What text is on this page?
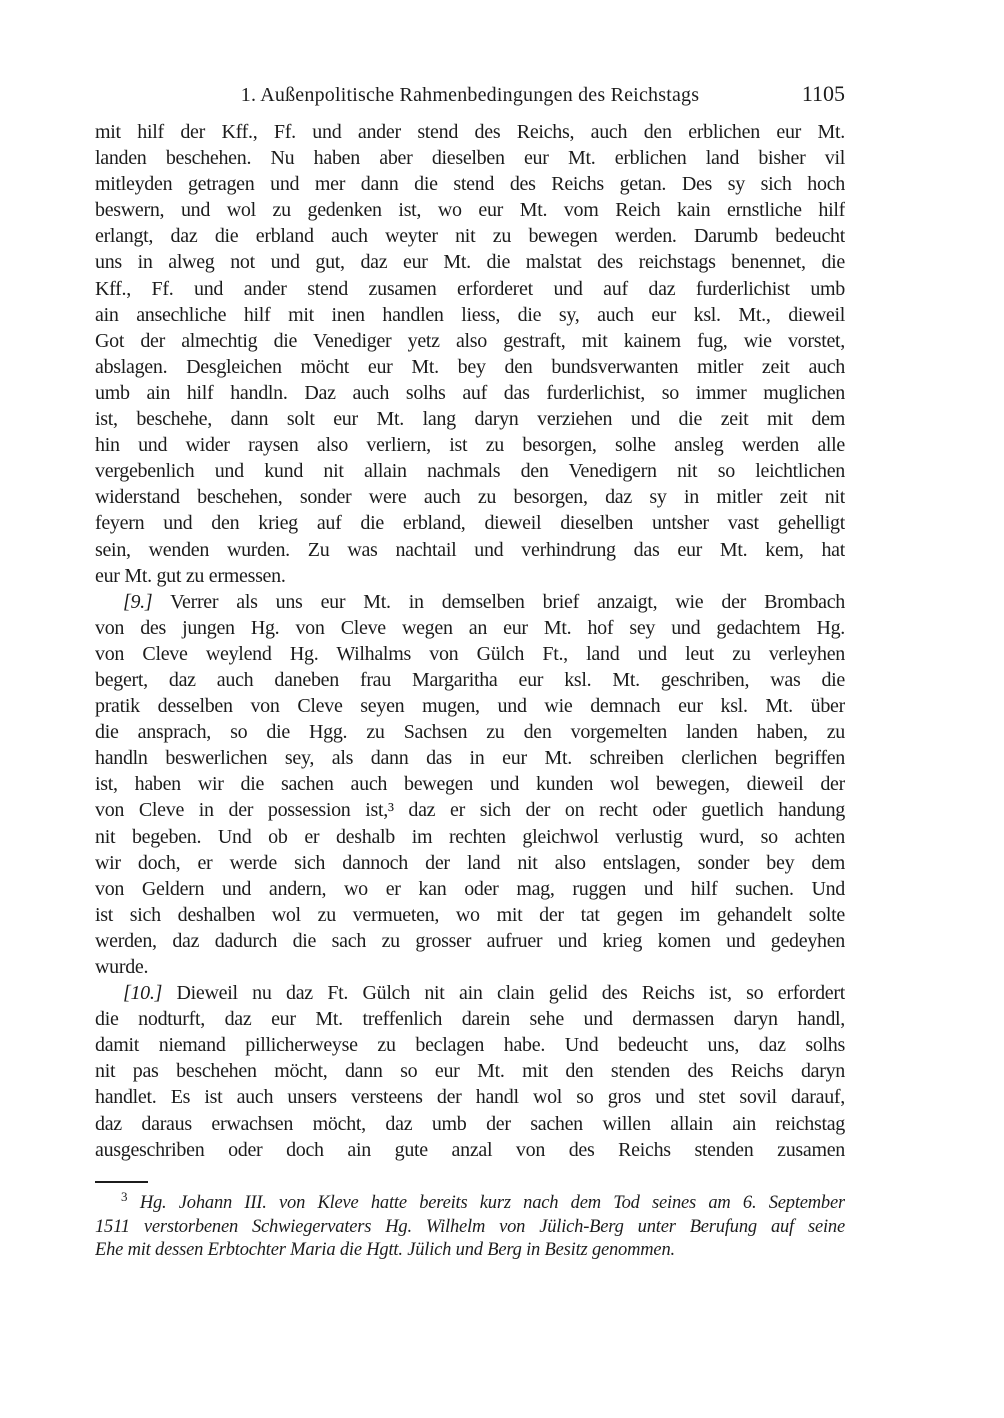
1. Außenpolitische Rahmenbedingungen des Reichstags	1105
mit hilf der Kff., Ff. und ander stend des Reichs, auch den erblichen eur Mt.
landen beschehen. Nu haben aber dieselben eur Mt. erblichen land bisher vil
mitleyden getragen und mer dann die stend des Reichs getan. Des sy sich hoch
beswern, und wol zu gedenken ist, wo eur Mt. vom Reich kain ernstliche hilf
erlangt, daz die erbland auch weyter nit zu bewegen werden. Darumb bedeucht
uns in alweg not und gut, daz eur Mt. die malstat des reichstags benennet, die
Kff., Ff. und ander stend zusamen erforderet und auf daz furderlichist umb
ain ansechliche hilf mit inen handlen liess, die sy, auch eur ksl. Mt., dieweil
Got der almechtig die Venediger yetz also gestraft, mit kainem fug, wie vorstet,
abslagen. Desgleichen möcht eur Mt. bey den bundsverwanten mitler zeit auch
umb ain hilf handln. Daz auch solhs auf das furderlichist, so immer muglichen
ist, beschehe, dann solt eur Mt. lang daryn verziehen und die zeit mit dem
hin und wider raysen also verliern, ist zu besorgen, solhe ansleg werden alle
vergebenlich und kund nit allain nachmals den Venedigern nit so leichtlichen
widerstand beschehen, sonder were auch zu besorgen, daz sy in mitler zeit nit
feyern und den krieg auf die erbland, dieweil dieselben untsher vast gehelligt
sein, wenden wurden. Zu was nachtail und verhindrung das eur Mt. kem, hat
eur Mt. gut zu ermessen.
[9.] Verrer als uns eur Mt. in demselben brief anzaigt, wie der Brombach
von des jungen Hg. von Cleve wegen an eur Mt. hof sey und gedachtem Hg.
von Cleve weylend Hg. Wilhalms von Gülch Ft., land und leut zu verleyhen
begert, daz auch daneben frau Margaritha eur ksl. Mt. geschriben, was die
pratik desselben von Cleve seyen mugen, und wie demnach eur ksl. Mt. über
die ansprach, so die Hgg. zu Sachsen zu den vorgemelten landen haben, zu
handln beswerlichen sey, als dann das in eur Mt. schreiben clerlichen begriffen
ist, haben wir die sachen auch bewegen und kunden wol bewegen, dieweil der
von Cleve in der possession ist,³ daz er sich der on recht oder guetlich handung
nit begeben. Und ob er deshalb im rechten gleichwol verlustig wurd, so achten
wir doch, er werde sich dannoch der land nit also entslagen, sonder bey dem
von Geldern und andern, wo er kan oder mag, ruggen und hilf suchen. Und
ist sich deshalben wol zu vermueten, wo mit der tat gegen im gehandelt solte
werden, daz dadurch die sach zu grosser aufruer und krieg komen und gedeyhen
wurde.
[10.] Dieweil nu daz Ft. Gülch nit ain clain gelid des Reichs ist, so erfordert
die nodturft, daz eur Mt. treffenlich darein sehe und dermassen daryn handl,
damit niemand pillicherweyse zu beclagen habe. Und bedeucht uns, daz solhs
nit pas beschehen möcht, dann so eur Mt. mit den stenden des Reichs daryn
handlet. Es ist auch unsers versteens der handl wol so gros und stet sovil darauf,
daz daraus erwachsen möcht, daz umb der sachen willen allain ain reichstag
ausgeschriben oder doch ain gute anzal von des Reichs stenden zusamen
$^3$ Hg. Johann III. von Kleve hatte bereits kurz nach dem Tod seines am 6. September
1511 verstorbenen Schwiegervaters Hg. Wilhelm von Jülich-Berg unter Berufung auf seine
Ehe mit dessen Erbtochter Maria die Hgtt. Jülich und Berg in Besitz genommen.
